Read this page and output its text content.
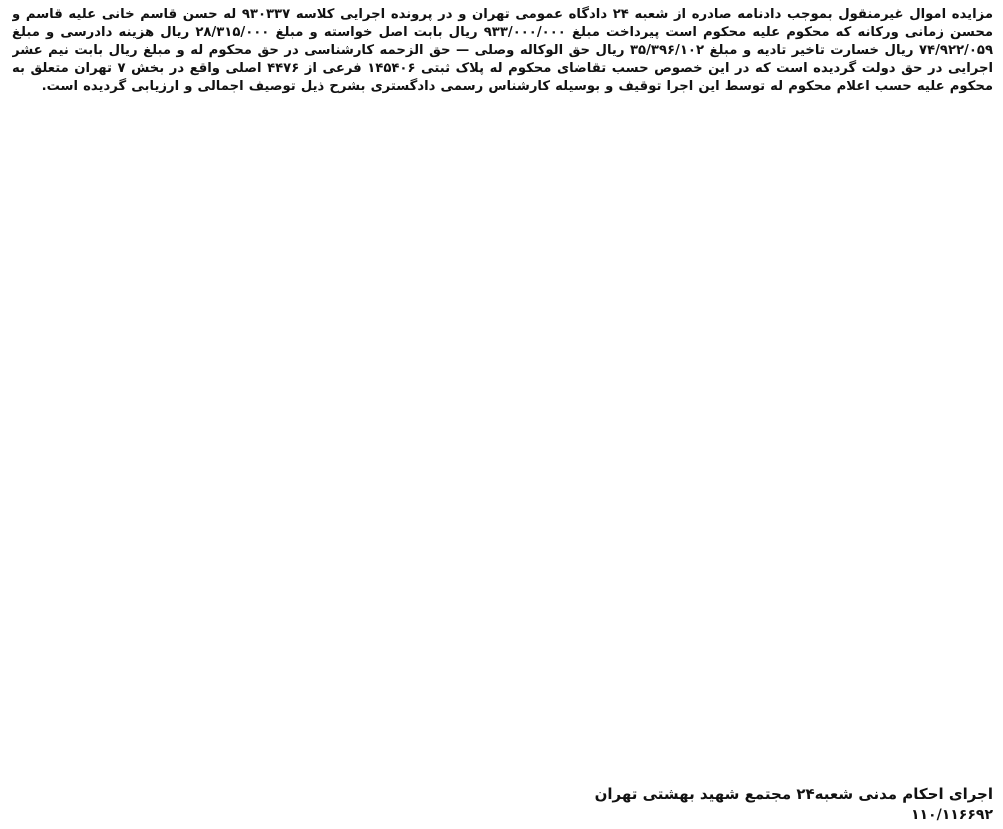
مزایده اموال غیرمنقول بموجب دادنامه صادره از شعبه ۲۴ دادگاه عمومی تهران و در پرونده اجرایی کلاسه ۹۳۰۳۳۷ له حسن قاسم خانی علیه قاسم و محسن زمانی ورکانه که محکوم علیه محکوم است پیرداخت مبلغ ۹۳۳/۰۰۰/۰۰۰ ریال بابت اصل خواسته و مبلغ ۲۸/۳۱۵/۰۰۰ ریال هزینه دادرسی و مبلغ ۷۴/۹۲۲/۰۵۹ ریال خسارت تاخیر تادیه و مبلغ ۳۵/۳۹۶/۱۰۲ ریال حق الوکاله وصلی — حق الزحمه کارشناسی در حق محکوم له و مبلغ ریال بابت نیم عشر اجرایی در حق دولت گردیده است که در این خصوص حسب تقاضای محکوم له پلاک ثبتی ۱۴۵۴۰۶ فرعی از ۴۴۷۶ اصلی واقع در بخش ۷ تهران متعلق به محکوم علیه حسب اعلام محکوم له توسط این اجرا توقیف و بوسیله کارشناس رسمی دادگستری بشرح ذیل توصیف اجمالی و ارزیابی گردیده است.
اجرای احکام مدنی شعبه۲۴ مجتمع شهید بهشتی تهران
۱۱۰/۱۱۶۶۹۲
